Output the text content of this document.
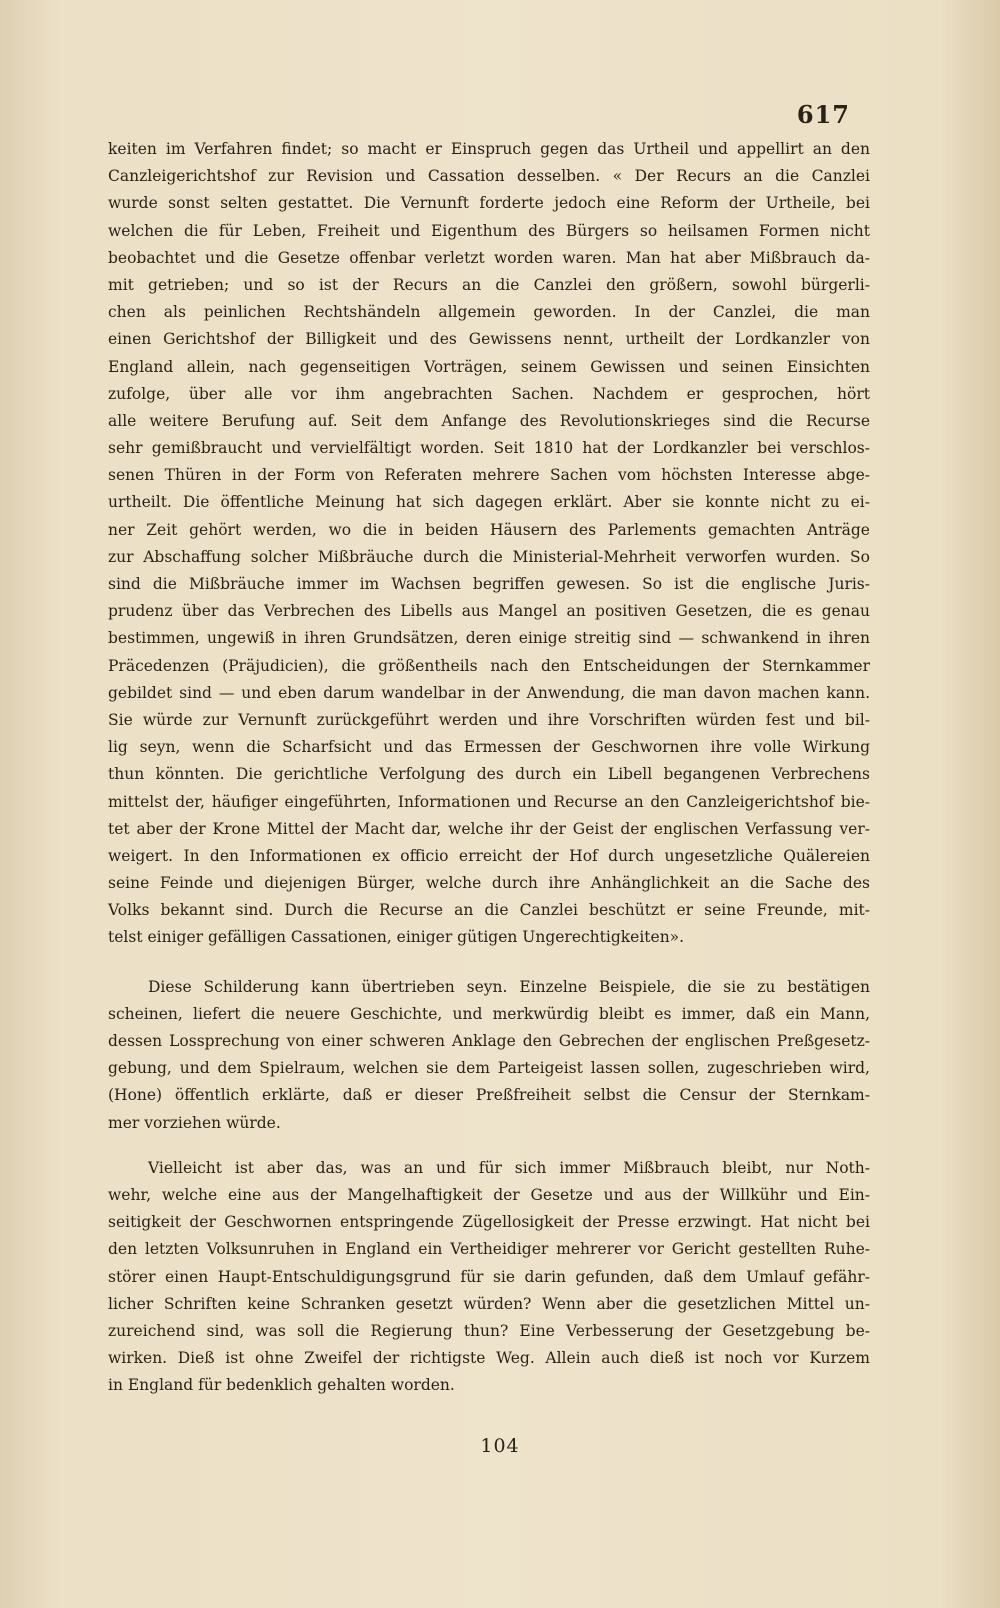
617
keiten im Verfahren findet; so macht er Einspruch gegen das Urtheil und appellirt an den
Canzleigerichtshof zur Revision und Cassation desselben. « Der Recurs an die Canzlei
wurde sonst selten gestattet. Die Vernunft forderte jedoch eine Reform der Urtheile, bei
welchen die für Leben, Freiheit und Eigenthum des Bürgers so heilsamen Formen nicht
beobachtet und die Gesetze offenbar verletzt worden waren. Man hat aber Mißbrauch da-
mit getrieben; und so ist der Recurs an die Canzlei den größern, sowohl bürgerli-
chen als peinlichen Rechtshändeln allgemein geworden. In der Canzlei, die man
einen Gerichtshof der Billigkeit und des Gewissens nennt, urtheilt der Lordkanzler von
England allein, nach gegenseitigen Vorträgen, seinem Gewissen und seinen Einsichten
zufolge, über alle vor ihm angebrachten Sachen. Nachdem er gesprochen, hört
alle weitere Berufung auf. Seit dem Anfange des Revolutionskrieges sind die Recurse
sehr gemißbraucht und vervielfältigt worden. Seit 1810 hat der Lordkanzler bei verschlos-
senen Thüren in der Form von Referaten mehrere Sachen vom höchsten Interesse abge-
urtheilt. Die öffentliche Meinung hat sich dagegen erklärt. Aber sie konnte nicht zu ei-
ner Zeit gehört werden, wo die in beiden Häusern des Parlements gemachten Anträge
zur Abschaffung solcher Mißbräuche durch die Ministerial-Mehrheit verworfen wurden. So
sind die Mißbräuche immer im Wachsen begriffen gewesen. So ist die englische Juris-
prudenz über das Verbrechen des Libells aus Mangel an positiven Gesetzen, die es genau
bestimmen, ungewiß in ihren Grundsätzen, deren einige streitig sind — schwankend in ihren
Präcedenzen (Präjudicien), die größentheils nach den Entscheidungen der Sternkammer
gebildet sind — und eben darum wandelbar in der Anwendung, die man davon machen kann.
Sie würde zur Vernunft zurückgeführt werden und ihre Vorschriften würden fest und bil-
lig seyn, wenn die Scharfsicht und das Ermessen der Geschwornen ihre volle Wirkung
thun könnten. Die gerichtliche Verfolgung des durch ein Libell begangenen Verbrechens
mittelst der, häufiger eingeführten, Informationen und Recurse an den Canzleigerichtshof bie-
tet aber der Krone Mittel der Macht dar, welche ihr der Geist der englischen Verfassung ver-
weigert. In den Informationen ex officio erreicht der Hof durch ungesetzliche Quälereien
seine Feinde und diejenigen Bürger, welche durch ihre Anhänglichkeit an die Sache des
Volks bekannt sind. Durch die Recurse an die Canzlei beschützt er seine Freunde, mit-
telst einiger gefälligen Cassationen, einiger gütigen Ungerechtigkeiten».
Diese Schilderung kann übertrieben seyn. Einzelne Beispiele, die sie zu bestätigen
scheinen, liefert die neuere Geschichte, und merkwürdig bleibt es immer, daß ein Mann,
dessen Lossprechung von einer schweren Anklage den Gebrechen der englischen Preßgesetz-
gebung, und dem Spielraum, welchen sie dem Parteigeist lassen sollen, zugeschrieben wird,
(Hone) öffentlich erklärte, daß er dieser Preßfreiheit selbst die Censur der Sternkam-
mer vorziehen würde.
Vielleicht ist aber das, was an und für sich immer Mißbrauch bleibt, nur Noth-
wehr, welche eine aus der Mangelhaftigkeit der Gesetze und aus der Willkühr und Ein-
seitigkeit der Geschwornen entspringende Zügellosigkeit der Presse erzwingt. Hat nicht bei
den letzten Volksunruhen in England ein Vertheidiger mehrerer vor Gericht gestellten Ruhe-
störer einen Haupt-Entschuldigungsgrund für sie darin gefunden, daß dem Umlauf gefähr-
licher Schriften keine Schranken gesetzt würden? Wenn aber die gesetzlichen Mittel un-
zureichend sind, was soll die Regierung thun? Eine Verbesserung der Gesetzgebung be-
wirken. Dieß ist ohne Zweifel der richtigste Weg. Allein auch dieß ist noch vor Kurzem
in England für bedenklich gehalten worden.
104
